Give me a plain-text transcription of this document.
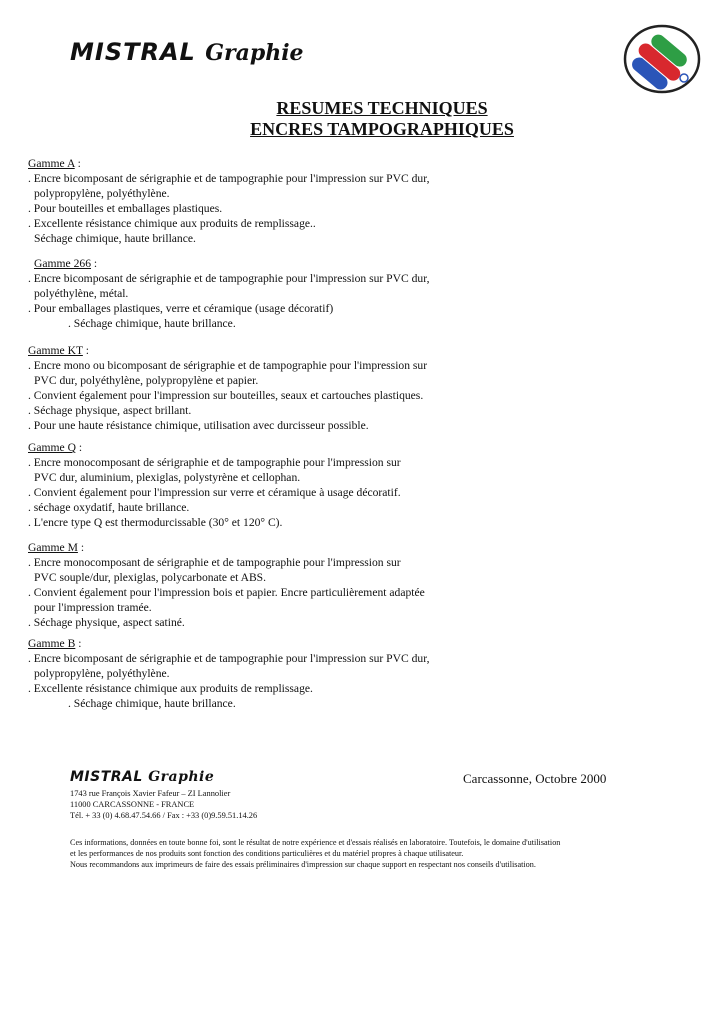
MISTRAL Graphie
RESUMES TECHNIQUES
ENCRES TAMPOGRAPHIQUES
Gamme A :
. Encre bicomposant de sérigraphie et de tampographie pour l'impression sur PVC dur,
polypropylène, polyéthylène.
. Pour bouteilles et emballages plastiques.
. Excellente résistance chimique aux produits de remplissage..
Séchage chimique, haute brillance.
Gamme 266 :
. Encre bicomposant de sérigraphie et de tampographie pour l'impression sur PVC dur,
polyéthylène, métal.
. Pour emballages plastiques, verre et céramique (usage décoratif)
. Séchage chimique, haute brillance.
Gamme KT :
. Encre mono ou bicomposant de sérigraphie et de tampographie pour l'impression sur
PVC dur, polyéthylène, polypropylène et papier.
. Convient également pour l'impression sur bouteilles, seaux et cartouches plastiques.
. Séchage physique, aspect brillant.
. Pour une haute résistance chimique, utilisation avec durcisseur possible.
Gamme Q :
. Encre monocomposant de sérigraphie et de tampographie pour l'impression sur
PVC dur, aluminium, plexiglas, polystyrène et cellophan.
. Convient également pour l'impression sur verre et céramique à usage décoratif.
. séchage oxydatif, haute brillance.
. L'encre type Q est thermodurcissable (30° et 120° C).
Gamme M :
. Encre monocomposant de sérigraphie et de tampographie pour l'impression sur
PVC souple/dur, plexiglas, polycarbonate et ABS.
. Convient également pour l'impression bois et papier. Encre particulièrement adaptée
pour l'impression tramée.
. Séchage physique, aspect satiné.
Gamme B :
. Encre bicomposant de sérigraphie et de tampographie pour l'impression sur PVC dur,
polypropylène, polyéthylène.
. Excellente résistance chimique aux produits de remplissage.
. Séchage chimique, haute brillance.
MISTRAL Graphie	Carcassonne, Octobre 2000
1743 rue François Xavier Fafeur – ZI Lannolier
11000 CARCASSONNE - FRANCE
Tél. + 33 (0) 4.68.47.54.66 / Fax : +33 (0)9.59.51.14.26
Ces informations, données en toute bonne foi, sont le résultat de notre expérience et d'essais réalisés en laboratoire. Toutefois, le domaine d'utilisation
et les performances de nos produits sont fonction des conditions particulières et du matériel propres à chaque utilisateur.
Nous recommandons aux imprimeurs de faire des essais préliminaires d'impression sur chaque support en respectant nos conseils d'utilisation.
